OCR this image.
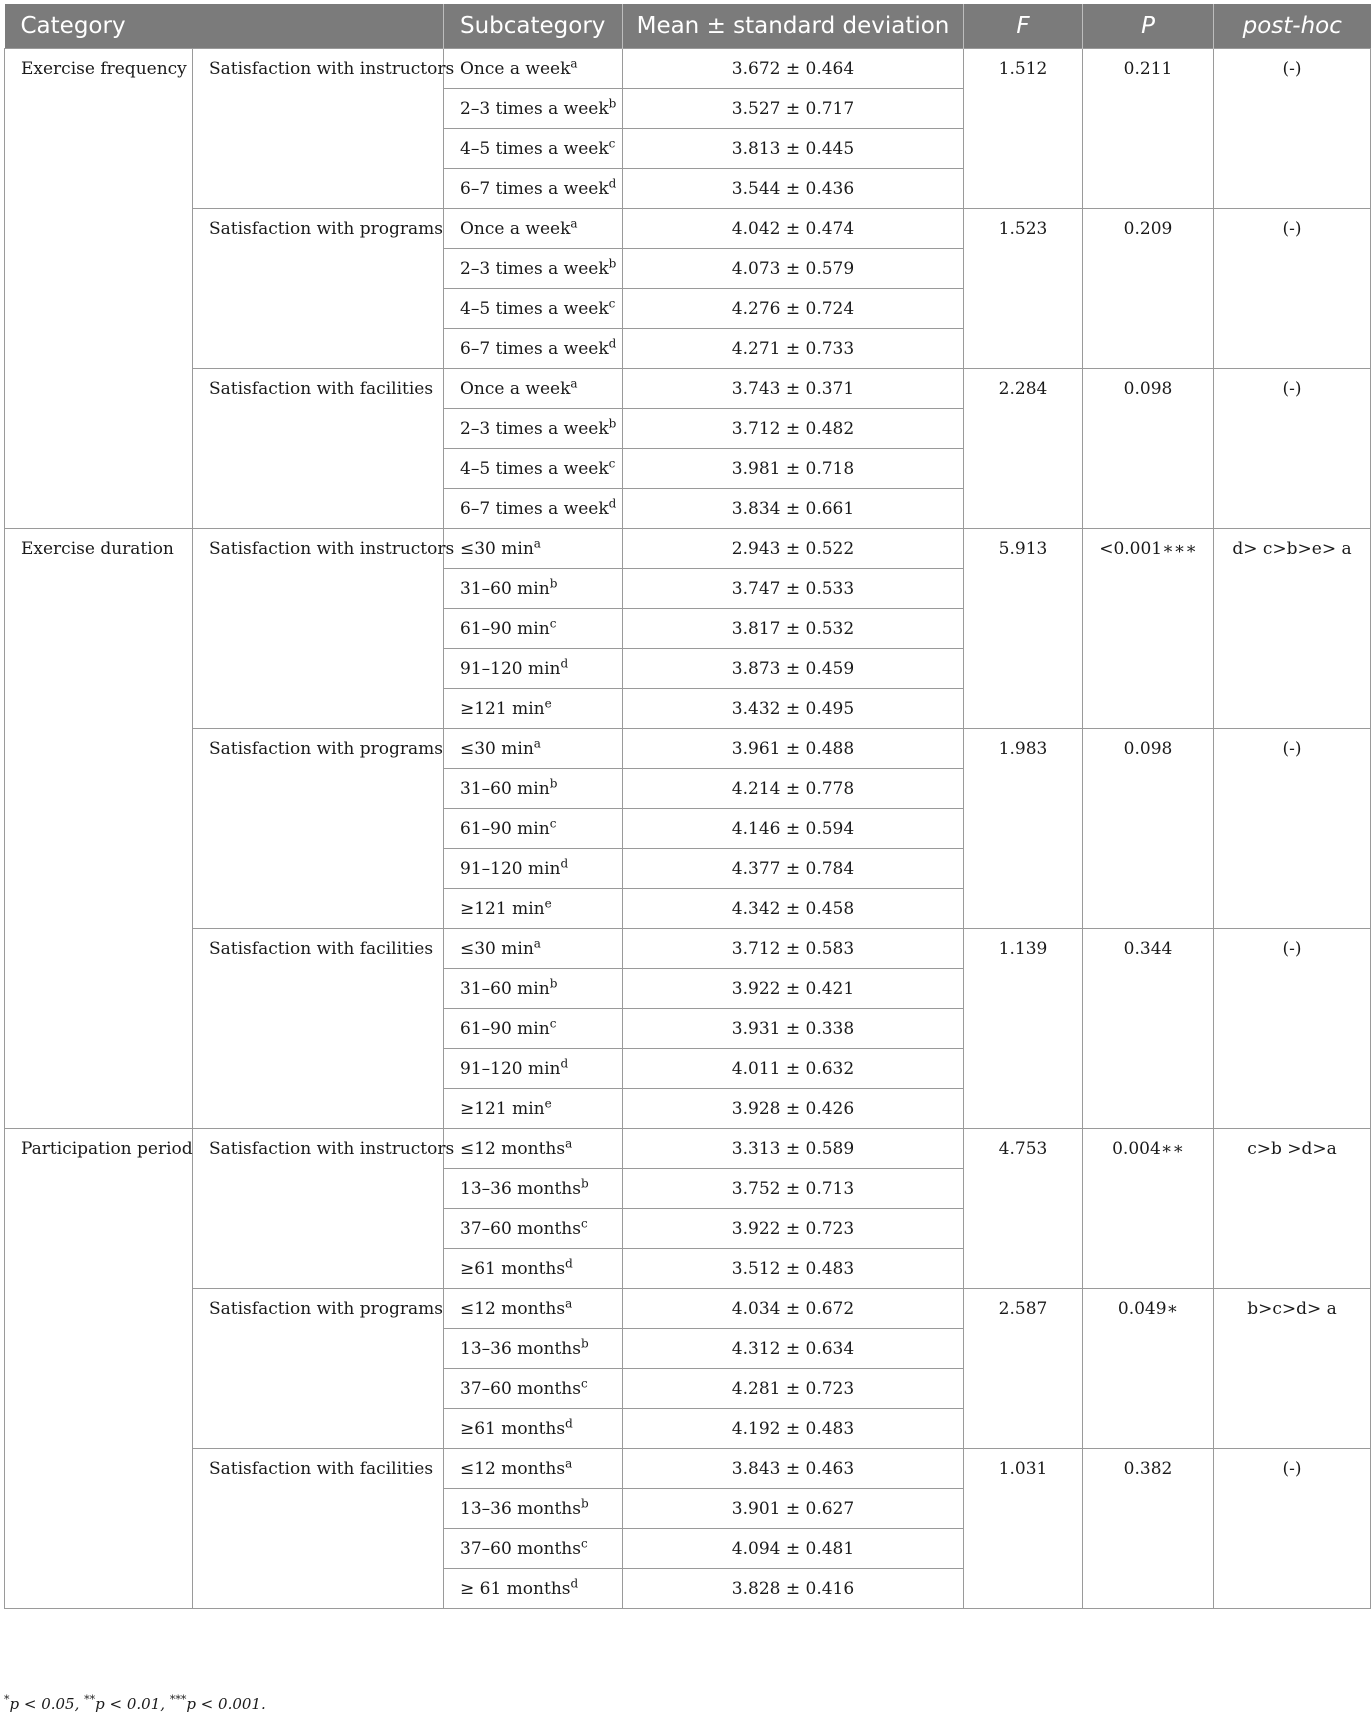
Category		Subcategory	Mean ± standard deviation	F	P	post-hoc
Exercise frequency	Satisfaction with instructors	Once a week$^a$	3.672 ± 0.464	1.512	0.211	(-)
		2–3 times a week$^b$	3.527 ± 0.717			
		4–5 times a week$^c$	3.813 ± 0.445			
		6–7 times a week$^d$	3.544 ± 0.436			
	Satisfaction with programs	Once a week$^a$	4.042 ± 0.474	1.523	0.209	(-)
		2–3 times a week$^b$	4.073 ± 0.579			
		4–5 times a week$^c$	4.276 ± 0.724			
		6–7 times a week$^d$	4.271 ± 0.733			
	Satisfaction with facilities	Once a week$^a$	3.743 ± 0.371	2.284	0.098	(-)
		2–3 times a week$^b$	3.712 ± 0.482			
		4–5 times a week$^c$	3.981 ± 0.718			
		6–7 times a week$^d$	3.834 ± 0.661			
Exercise duration	Satisfaction with instructors	≤30 $\min^a$	2.943 ± 0.522	5.913	<0.001∗∗∗	d> c>b>e> a
		31–60 $\min^b$	3.747 ± 0.533			
		61–90 $\min^c$	3.817 ± 0.532			
		91–120 $\min^d$	3.873 ± 0.459			
		≥121 $\min^e$	3.432 ± 0.495			
	Satisfaction with programs	≤30 $\min^a$	3.961 ± 0.488	1.983	0.098	(-)
		31–60 $\min^b$	4.214 ± 0.778			
		61–90 $\min^c$	4.146 ± 0.594			
		91–120 $\min^d$	4.377 ± 0.784			
		≥121 $\min^e$	4.342 ± 0.458			
	Satisfaction with facilities	≤30 $\min^a$	3.712 ± 0.583	1.139	0.344	(-)
		31–60 $\min^b$	3.922 ± 0.421			
		61–90 $\min^c$	3.931 ± 0.338			
		91–120 $\min^d$	4.011 ± 0.632			
		≥121 $\min^e$	3.928 ± 0.426			
Participation period	Satisfaction with instructors	≤12 months$^a$	3.313 ± 0.589	4.753	0.004∗∗	c>b >d>a
		13–36 months$^b$	3.752 ± 0.713			
		37–60 months$^c$	3.922 ± 0.723			
		≥61 months$^d$	3.512 ± 0.483			
	Satisfaction with programs	≤12 months$^a$	4.034 ± 0.672	2.587	0.049∗	b>c>d> a
		13–36 months$^b$	4.312 ± 0.634			
		37–60 months$^c$	4.281 ± 0.723			
		≥61 months$^d$	4.192 ± 0.483			
	Satisfaction with facilities	≤12 months$^a$	3.843 ± 0.463	1.031	0.382	(-)
		13–36 months$^b$	3.901 ± 0.627			
		37–60 months$^c$	4.094 ± 0.481			
		≥ 61 months$^d$	3.828 ± 0.416			
*p < 0.05, **p < 0.01, ***p < 0.001.
